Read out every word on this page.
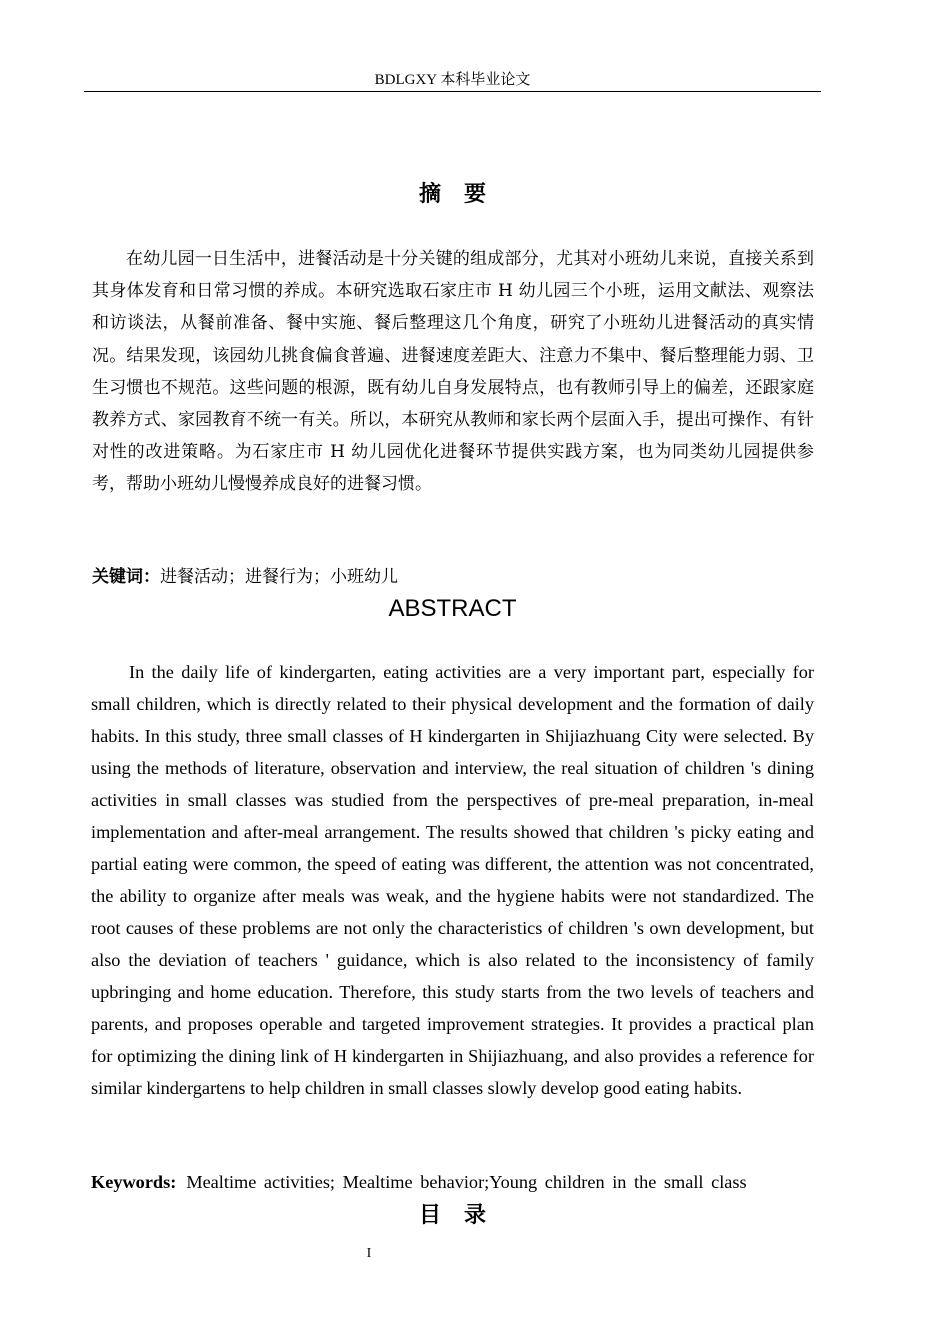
BDLGXY 本科毕业论文
摘   要

在幼儿园一日生活中，进餐活动是十分关键的组成部分，尤其对小班幼儿来说，直接关系到其身体发育和日常习惯的养成。本研究选取石家庄市 H 幼儿园三个小班，运用文献法、观察法和访谈法，从餐前准备、餐中实施、餐后整理这几个角度，研究了小班幼儿进餐活动的真实情况。结果发现，该园幼儿挑食偏食普遍、进餐速度差距大、注意力不集中、餐后整理能力弱、卫生习惯也不规范。这些问题的根源，既有幼儿自身发展特点，也有教师引导上的偏差，还跟家庭教养方式、家园教育不统一有关。所以，本研究从教师和家长两个层面入手，提出可操作、有针对性的改进策略。为石家庄市 H 幼儿园优化进餐环节提供实践方案，也为同类幼儿园提供参考，帮助小班幼儿慢慢养成良好的进餐习惯。

关键词：进餐活动；进餐行为；小班幼儿
ABSTRACT

In the daily life of kindergarten, eating activities are a very important part, especially for small children, which is directly related to their physical development and the formation of daily habits. In this study, three small classes of H kindergarten in Shijiazhuang City were selected. By using the methods of literature, observation and interview, the real situation of children 's dining activities in small classes was studied from the perspectives of pre-meal preparation, in-meal implementation and after-meal arrangement. The results showed that children 's picky eating and partial eating were common, the speed of eating was different, the attention was not concentrated, the ability to organize after meals was weak, and the hygiene habits were not standardized. The root causes of these problems are not only the characteristics of children 's own development, but also the deviation of teachers ' guidance, which is also related to the inconsistency of family upbringing and home education. Therefore, this study starts from the two levels of teachers and parents, and proposes operable and targeted improvement strategies. It provides a practical plan for optimizing the dining link of H kindergarten in Shijiazhuang, and also provides a reference for similar kindergartens to help children in small classes slowly develop good eating habits.

Keywords: Mealtime activities; Mealtime behavior;Young children in the small class
目   录
I
